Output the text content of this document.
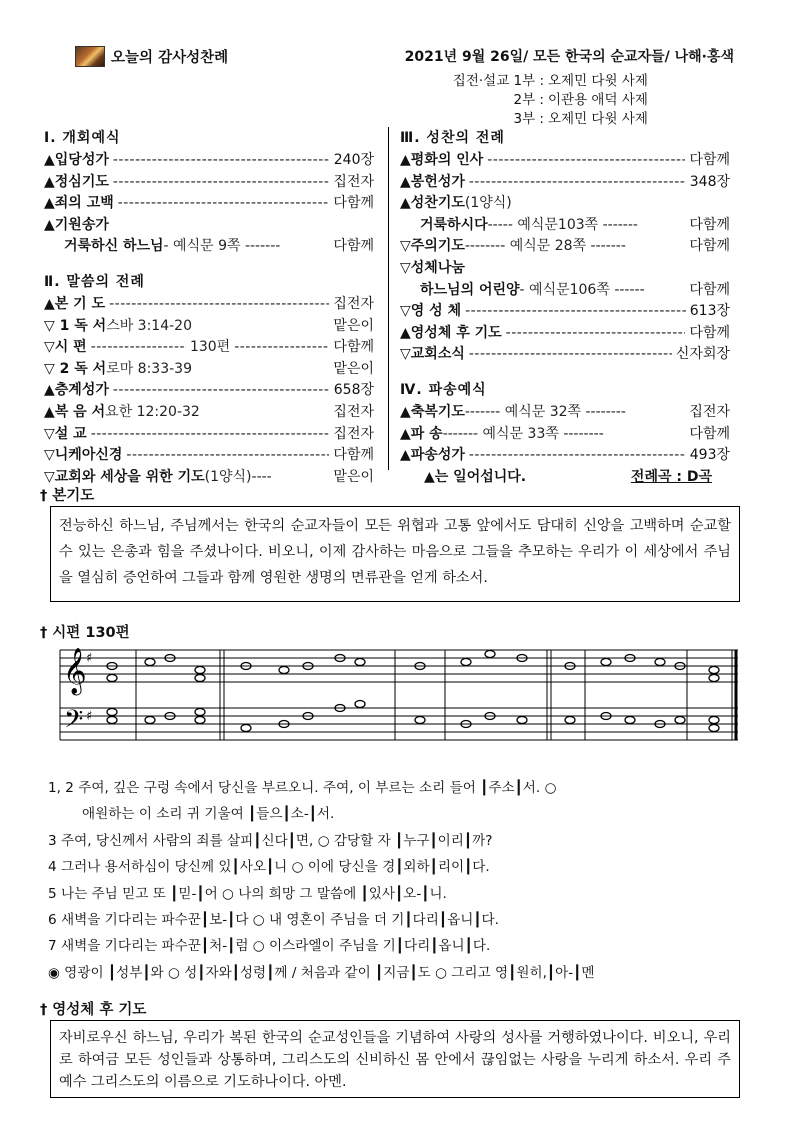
오늘의 감사성찬례	2021년 9월 26일/ 모든 한국의 순교자들/ 나해·홍색
집전·설교 1부 : 오제민 다윗 사제
2부 : 이관용 애덕 사제
3부 : 오제민 다윗 사제
Ⅰ. 개회예식
▲입당성가 -----	240장
▲정심기도 -----	집전자
▲죄의 고백 -----	다함께
▲기원송가
거룩하신 하느님 - 예식문 9쪽 -------	다함께
Ⅱ. 말씀의 전례
▲본 기 도 -----	집전자
▽ 1 독 서 스바 3:14-20	맡은이
▽시 편 -----	130편 -----	다함께
▽ 2 독 서 로마 8:33-39	맡은이
▲층계성가 -----	658장
▲복 음 서 요한 12:20-32	집전자
▽설 교 -----	집전자
▽니케아신경 -----	다함께
▽교회와 세상을 위한 기도 (1양식)----	맡은이
Ⅲ. 성찬의 전례
▲평화의 인사 -----	다함께
▲봉헌성가 -----	348장
▲성찬기도 (1양식)
거룩하시다 ----- 예식문103쪽 -------	다함께
▽주의기도 -------- 예식문 28쪽 -------	다함께
▽성체나눔
하느님의 어린양 - 예식문106쪽 ------	다함께
▽영 성 체 -----	613장
▲영성체 후 기도 -----	다함께
▽교회소식 -----	신자회장
Ⅳ. 파송예식
▲축복기도 ------- 예식문 32쪽 --------	집전자
▲파 송 ------- 예식문 33쪽 --------	다함께
▲파송성가 -----	493장
▲는 일어섭니다.	전례곡 : D곡
† 본기도
전능하신 하느님, 주님께서는 한국의 순교자들이 모든 위협과 고통 앞에서도 담대히 신앙을 고백하며 순교할 수 있는 은총과 힘을 주셨나이다. 비오니, 이제 감사하는 마음으로 그들을 추모하는 우리가 이 세상에서 주님을 열심히 증언하여 그들과 함께 영원한 생명의 면류관을 얻게 하소서.
† 시편 130편
𝄞
𝄢
♯
♯
1, 2 주여, 깊은 구렁 속에서 당신을 부르오니. 주여, 이 부르는 소리 들어 ┃주소┃서. ○
애원하는 이 소리 귀 기울여 ┃들으┃소-┃서.
3 주여, 당신께서 사람의 죄를 살피┃신다┃면, ○ 감당할 자 ┃누구┃이리┃까?
4 그러나 용서하심이 당신께 있┃사오┃니 ○ 이에 당신을 경┃외하┃리이┃다.
5 나는 주님 믿고 또 ┃믿-┃어 ○ 나의 희망 그 말씀에 ┃있사┃오-┃니.
6 새벽을 기다리는 파수꾼┃보-┃다 ○ 내 영혼이 주님을 더 기┃다리┃옵니┃다.
7 새벽을 기다리는 파수꾼┃처-┃럼 ○ 이스라엘이 주님을 기┃다리┃옵니┃다.
◉ 영광이 ┃성부┃와 ○ 성┃자와┃성령┃께 / 처음과 같이 ┃지금┃도 ○ 그리고 영┃원히,┃아-┃멘
† 영성체 후 기도
자비로우신 하느님, 우리가 복된 한국의 순교성인들을 기념하여 사랑의 성사를 거행하였나이다. 비오니, 우리로 하여금 모든 성인들과 상통하며, 그리스도의 신비하신 몸 안에서 끊임없는 사랑을 누리게 하소서. 우리 주 예수 그리스도의 이름으로 기도하나이다. 아멘.
